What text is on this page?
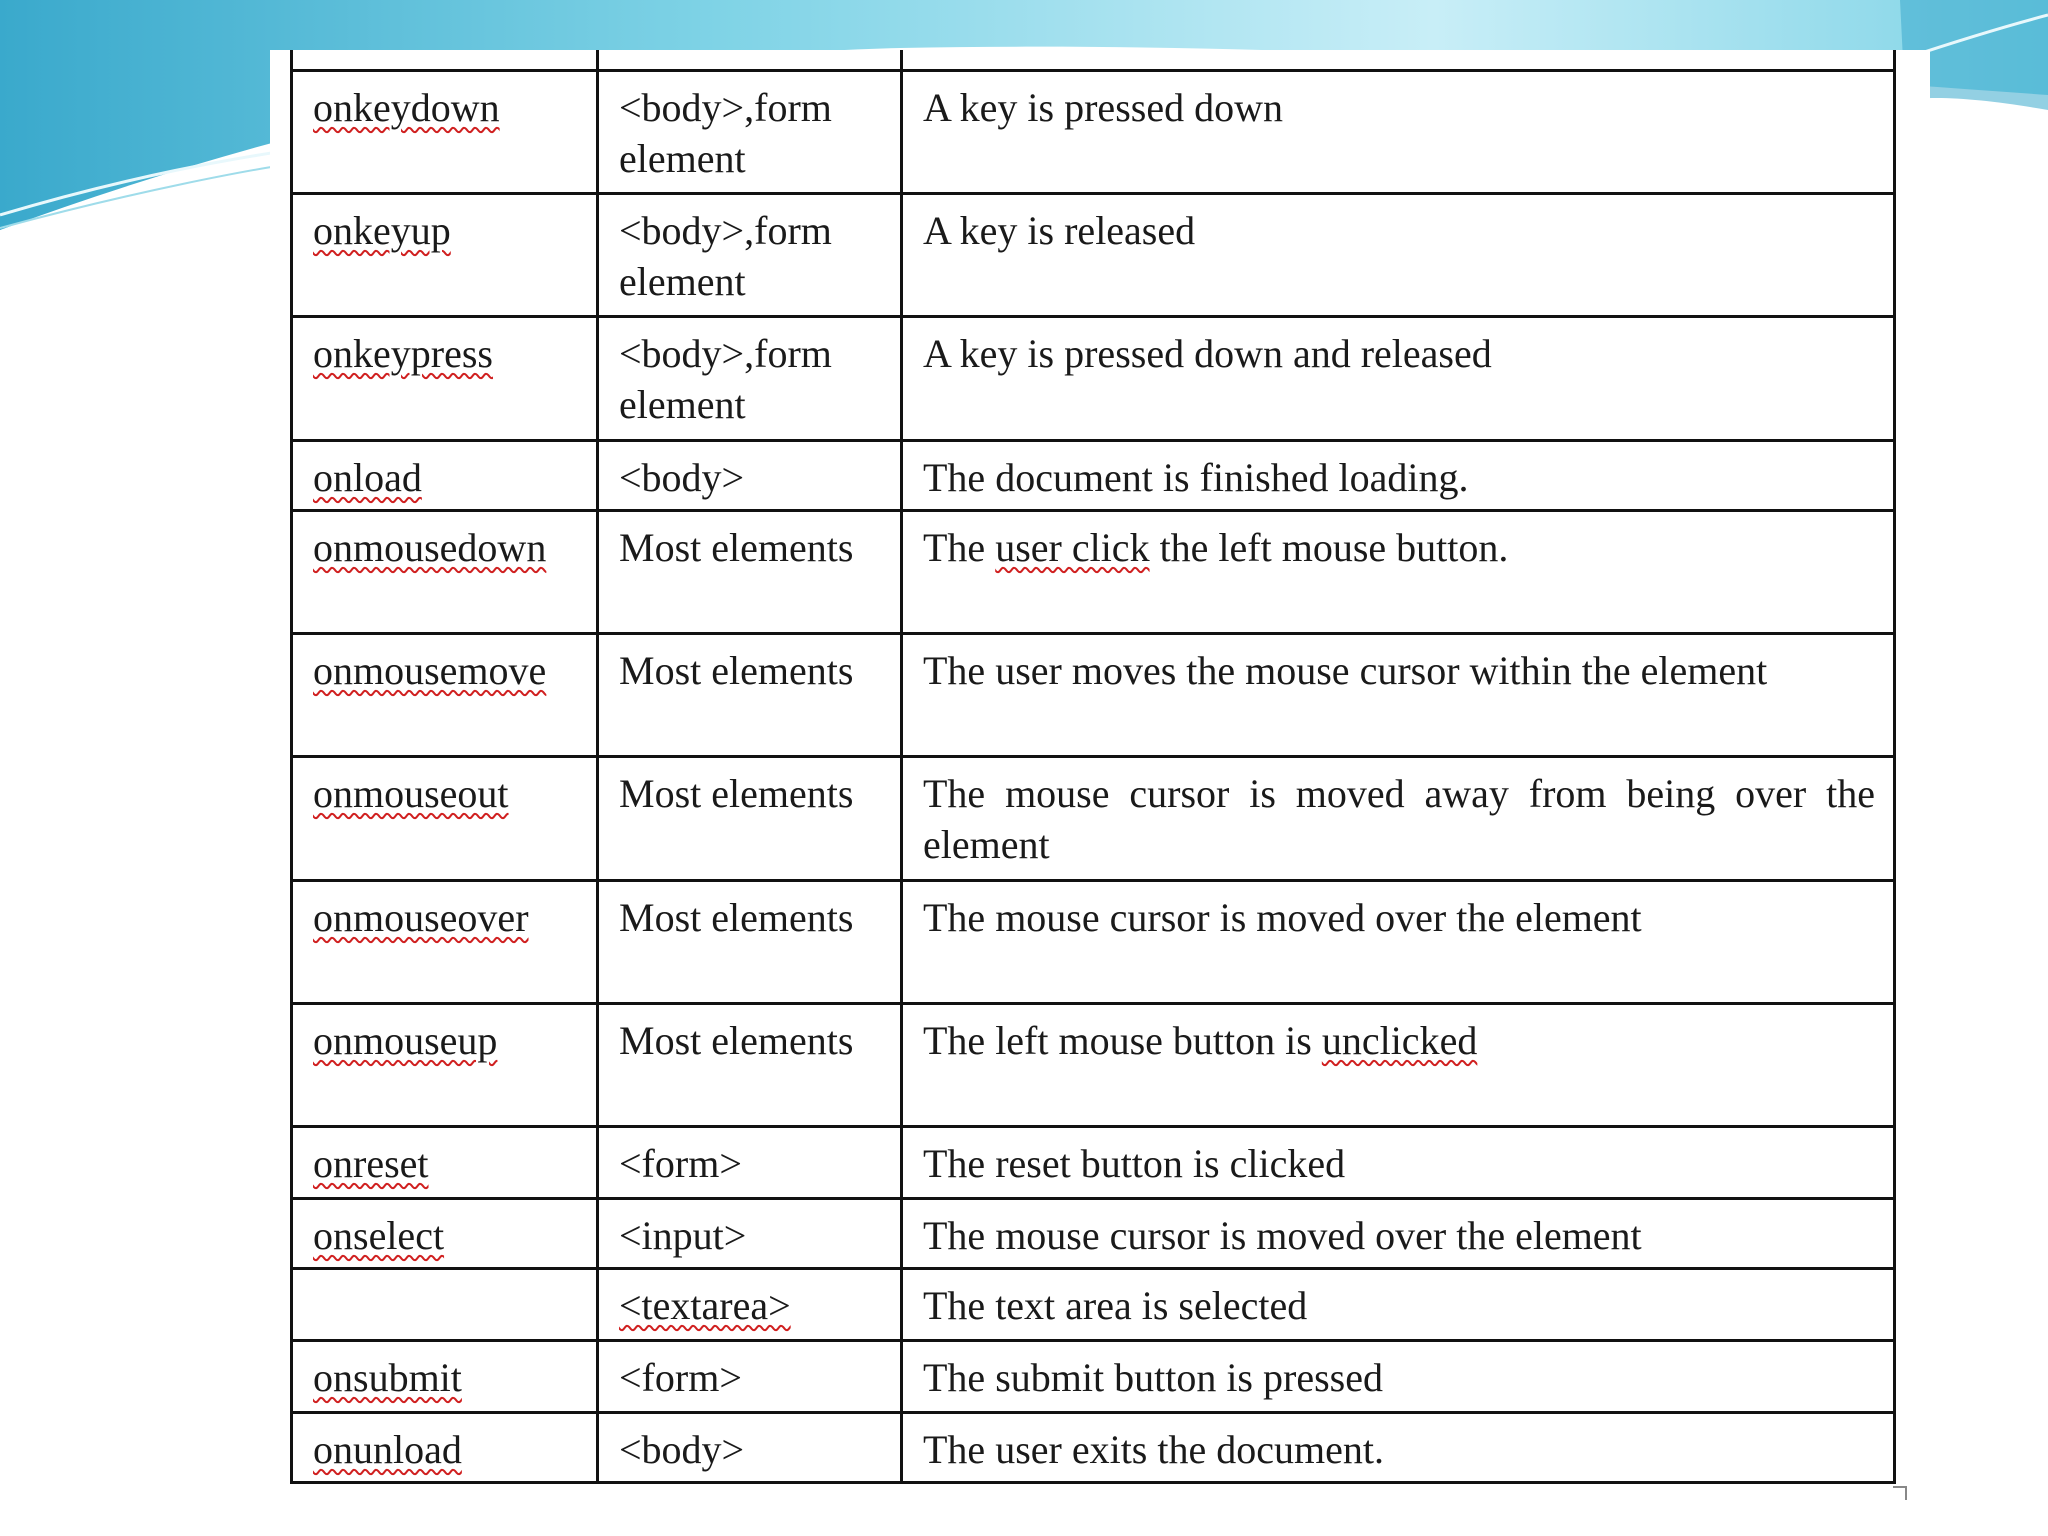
onkeydown	<body>,form element	A key is pressed down
onkeyup	<body>,form element	A key is released
onkeypress	<body>,form element	A key is pressed down and released
onload	<body>	The document is finished loading.
onmousedown	Most elements	The user click the left mouse button.
onmousemove	Most elements	The user moves the mouse cursor within the element
onmouseout	Most elements	The mouse cursor is moved away from being over the element
onmouseover	Most elements	The mouse cursor is moved over the element
onmouseup	Most elements	The left mouse button is unclicked
onreset	<form>	The reset button is clicked
onselect	<input>	The mouse cursor is moved over the element
	<textarea>	The text area is selected
onsubmit	<form>	The submit button is pressed
onunload	<body>	The user exits the document.
